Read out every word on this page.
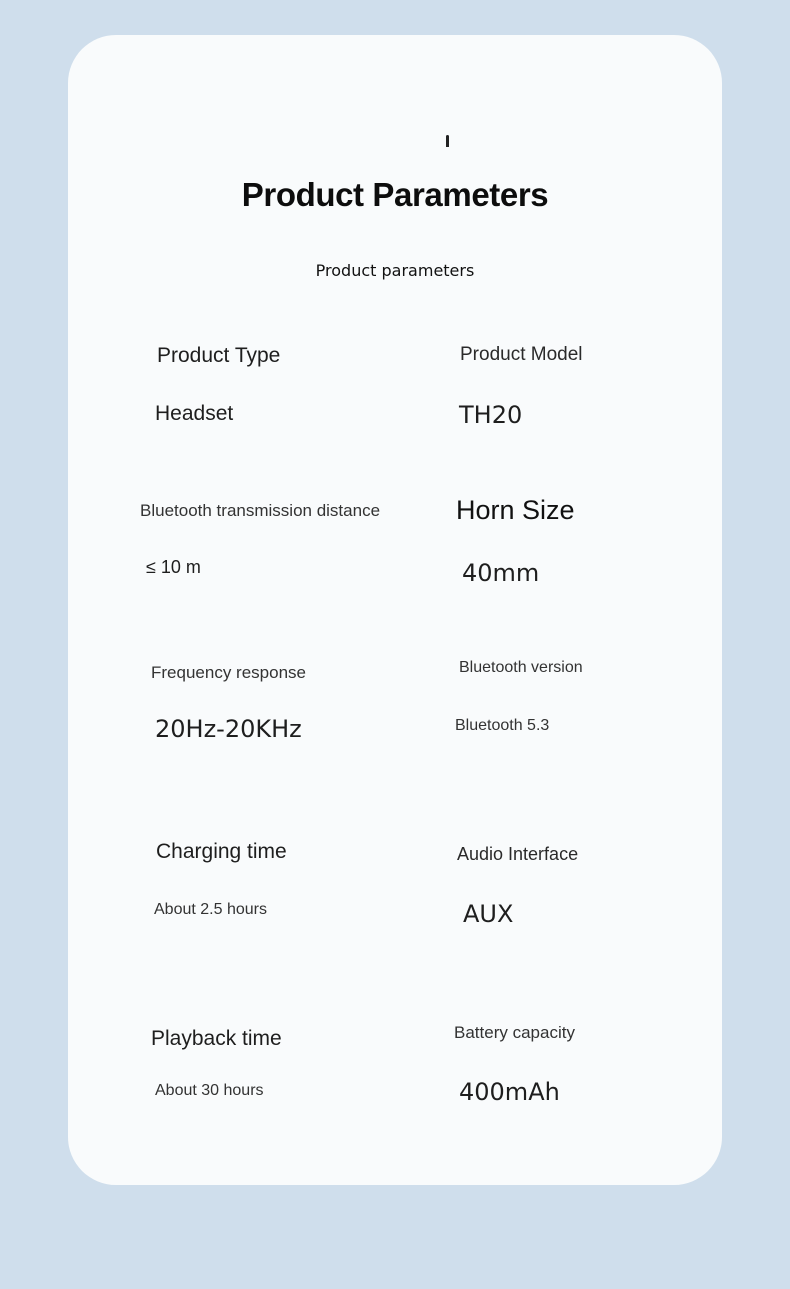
Product Parameters
Product parameters
Product Type
Headset
Product Model
TH20
Bluetooth transmission distance
≤ 10 m
Horn Size
40mm
Frequency response
20Hz-20KHz
Bluetooth version
Bluetooth 5.3
Charging time
About 2.5 hours
Audio Interface
AUX
Playback time
About 30 hours
Battery capacity
400mAh
